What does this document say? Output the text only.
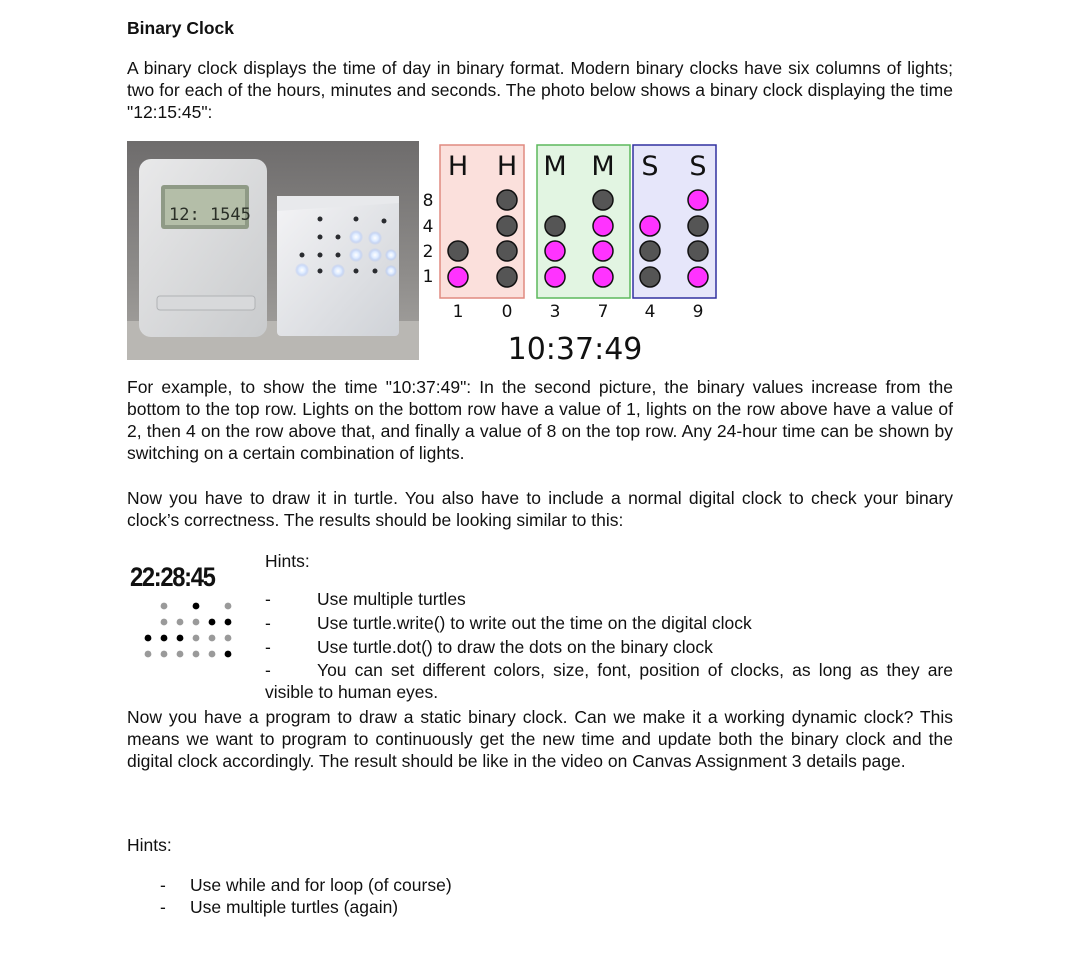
Binary Clock

A binary clock displays the time of day in binary format. Modern binary clocks have six columns of lights; two for each of the hours, minutes and seconds. The photo below shows a binary clock displaying the time "12:15:45":

12: 1545
H H M M S S
8
4
2
1
1 0 3 7 4 9
10:37:49

For example, to show the time "10:37:49": In the second picture, the binary values increase from the bottom to the top row. Lights on the bottom row have a value of 1, lights on the row above have a value of 2, then 4 on the row above that, and finally a value of 8 on the top row. Any 24-hour time can be shown by switching on a certain combination of lights.

Now you have to draw it in turtle. You also have to include a normal digital clock to check your binary clock’s correctness. The results should be looking similar to this:

22:28:45
Hints:
-	Use multiple turtles
-	Use turtle.write() to write out the time on the digital clock
-	Use turtle.dot() to draw the dots on the binary clock
-	You can set different colors, size, font, position of clocks, as long as they are visible to human eyes.

Now you have a program to draw a static binary clock. Can we make it a working dynamic clock? This means we want to program to continuously get the new time and update both the binary clock and the digital clock accordingly. The result should be like in the video on Canvas Assignment 3 details page.

Hints:
- Use while and for loop (of course)
- Use multiple turtles (again)
